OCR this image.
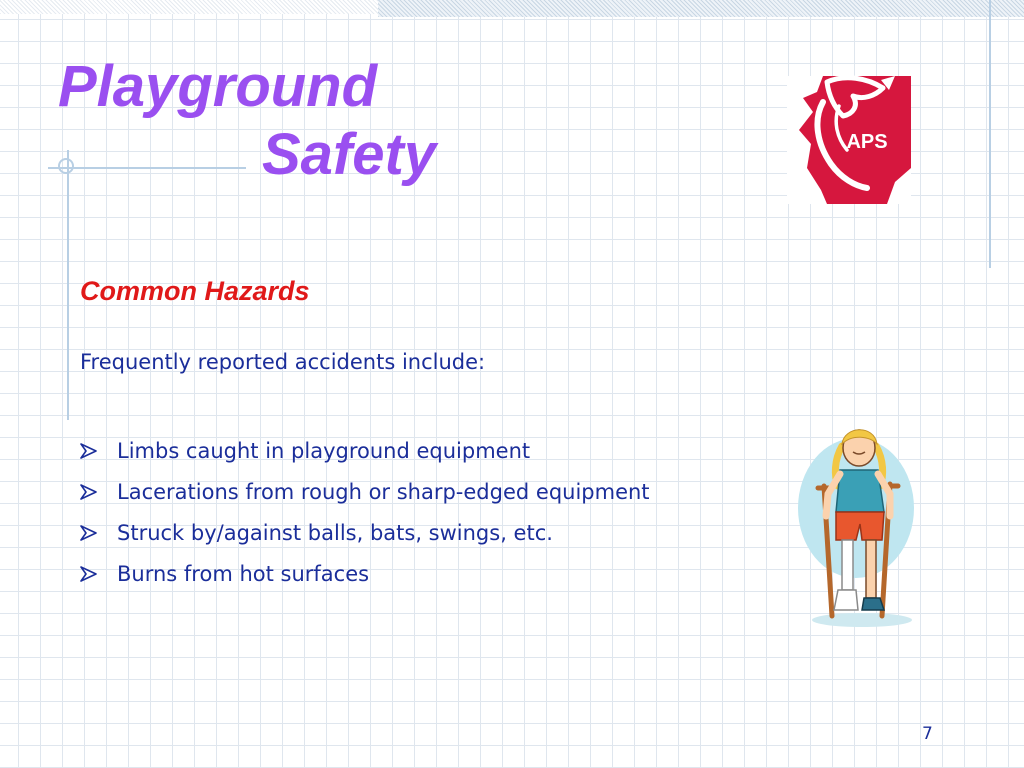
Playground
Safety	APS
Common Hazards

Frequently reported accidents include:

Limbs caught in playground equipment
Lacerations from rough or sharp-edged equipment
Struck by/against balls, bats, swings, etc.
Burns from hot surfaces
7
